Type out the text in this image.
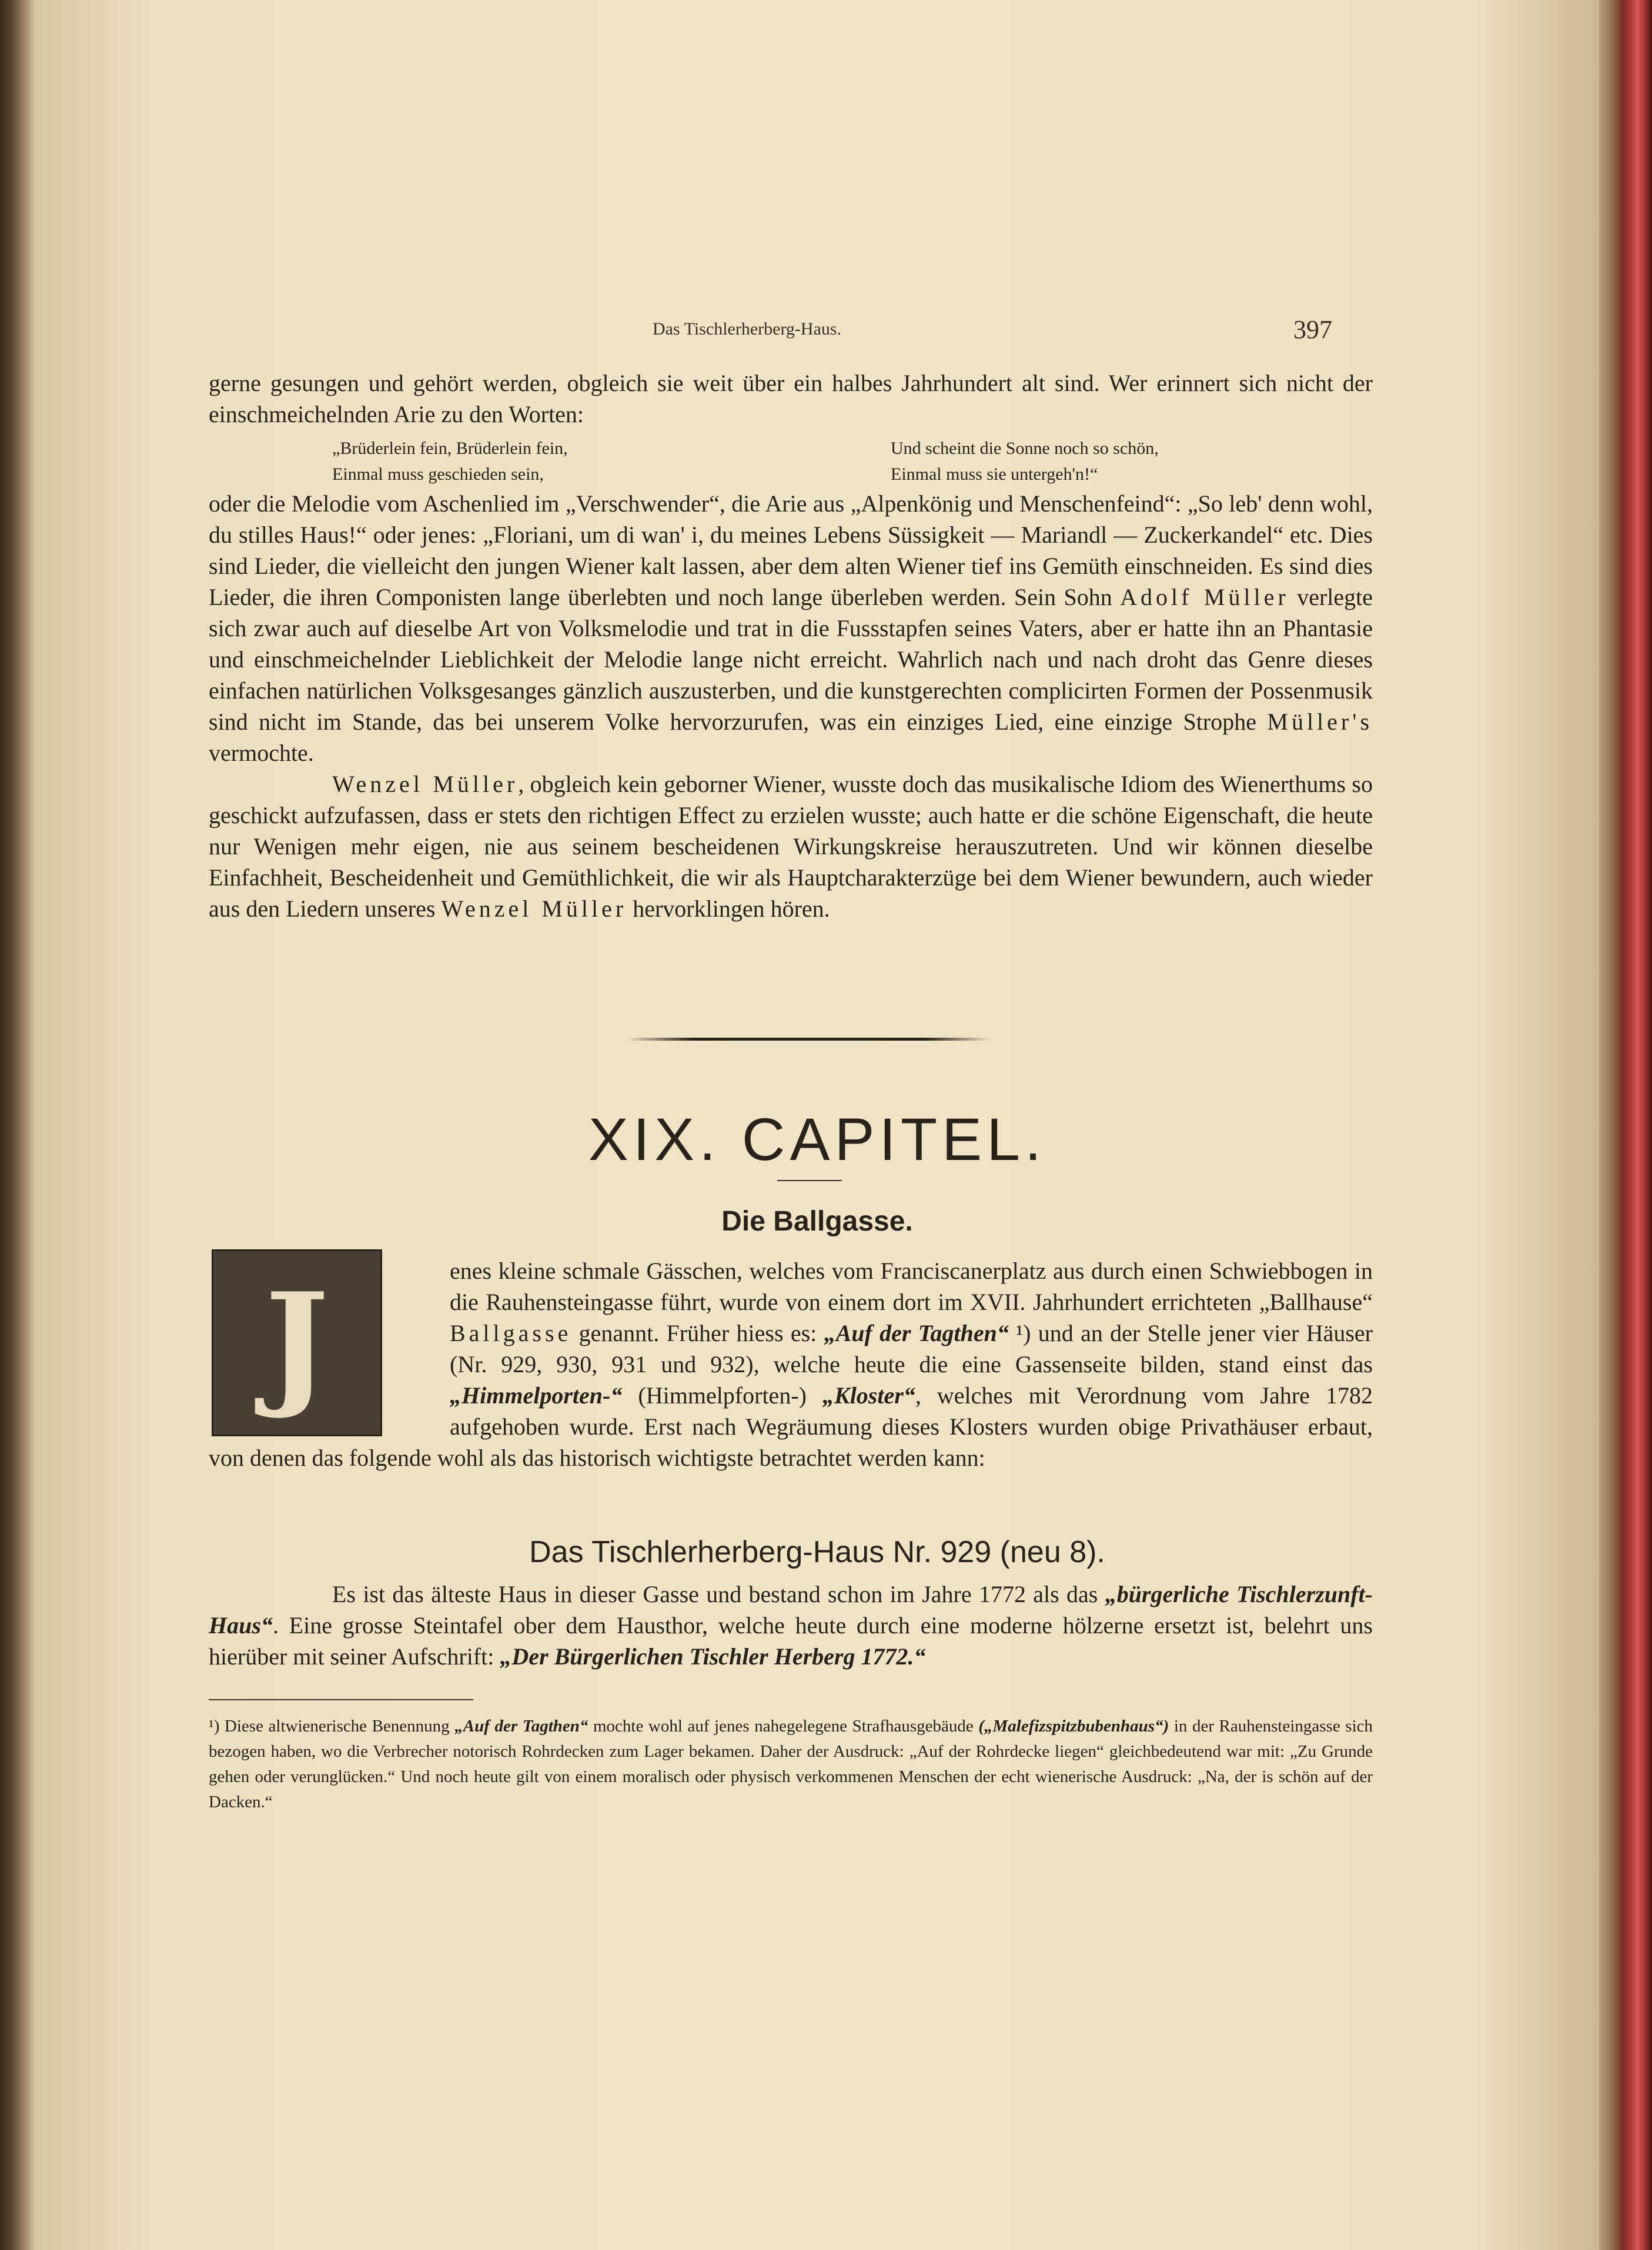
Das Tischlerherberg-Haus.	397

gerne gesungen und gehört werden, obgleich sie weit über ein halbes Jahrhundert alt sind. Wer erinnert sich nicht der einschmeichelnden Arie zu den Worten:

„Brüderlein fein, Brüderlein fein,
Einmal muss geschieden sein,
Und scheint die Sonne noch so schön,
Einmal muss sie untergeh'n!“

oder die Melodie vom Aschenlied im „Verschwender“, die Arie aus „Alpenkönig und Menschenfeind“: „So leb' denn wohl, du stilles Haus!“ oder jenes: „Floriani, um di wan' i, du meines Lebens Süssigkeit — Mariandl — Zuckerkandel“ etc. Dies sind Lieder, die vielleicht den jungen Wiener kalt lassen, aber dem alten Wiener tief ins Gemüth einschneiden. Es sind dies Lieder, die ihren Componisten lange überlebten und noch lange überleben werden. Sein Sohn Adolf Müller verlegte sich zwar auch auf dieselbe Art von Volksmelodie und trat in die Fussstapfen seines Vaters, aber er hatte ihn an Phantasie und einschmeichelnder Lieblichkeit der Melodie lange nicht erreicht. Wahrlich nach und nach droht das Genre dieses einfachen natürlichen Volksgesanges gänzlich auszusterben, und die kunstgerechten complicirten Formen der Possenmusik sind nicht im Stande, das bei unserem Volke hervorzurufen, was ein einziges Lied, eine einzige Strophe Müller's vermochte.

Wenzel Müller, obgleich kein geborner Wiener, wusste doch das musikalische Idiom des Wienerthums so geschickt aufzufassen, dass er stets den richtigen Effect zu erzielen wusste; auch hatte er die schöne Eigenschaft, die heute nur Wenigen mehr eigen, nie aus seinem bescheidenen Wirkungskreise herauszutreten. Und wir können dieselbe Einfachheit, Bescheidenheit und Gemüthlichkeit, die wir als Hauptcharakterzüge bei dem Wiener bewundern, auch wieder aus den Liedern unseres Wenzel Müller hervorklingen hören.

XIX. CAPITEL.
Die Ballgasse.
J	enes kleine schmale Gässchen, welches vom Franciscanerplatz aus durch einen Schwiebbogen in die Rauhensteingasse führt, wurde von einem dort im XVII. Jahrhundert errichteten „Ballhause“ Ballgasse genannt. Früher hiess es: „Auf der Tagthen“ ¹) und an der Stelle jener vier Häuser (Nr. 929, 930, 931 und 932), welche heute die eine Gassenseite bilden, stand einst das „Himmelporten-“ (Himmelpforten-) „Kloster“, welches mit Verordnung vom Jahre 1782 aufgehoben wurde. Erst nach Wegräumung dieses Klosters wurden obige Privathäuser erbaut, von denen das folgende wohl als das historisch wichtigste betrachtet werden kann:

Das Tischlerherberg-Haus Nr. 929 (neu 8).

Es ist das älteste Haus in dieser Gasse und bestand schon im Jahre 1772 als das „bürgerliche Tischlerzunft-Haus“. Eine grosse Steintafel ober dem Hausthor, welche heute durch eine moderne hölzerne ersetzt ist, belehrt uns hierüber mit seiner Aufschrift: „Der Bürgerlichen Tischler Herberg 1772.“

¹) Diese altwienerische Benennung „Auf der Tagthen“ mochte wohl auf jenes nahegelegene Strafhausgebäude („Malefizspitzbubenhaus“) in der Rauhensteingasse sich bezogen haben, wo die Verbrecher notorisch Rohrdecken zum Lager bekamen. Daher der Ausdruck: „Auf der Rohrdecke liegen“ gleichbedeutend war mit: „Zu Grunde gehen oder verunglücken.“ Und noch heute gilt von einem moralisch oder physisch verkommenen Menschen der echt wienerische Ausdruck: „Na, der is schön auf der Dacken.“
